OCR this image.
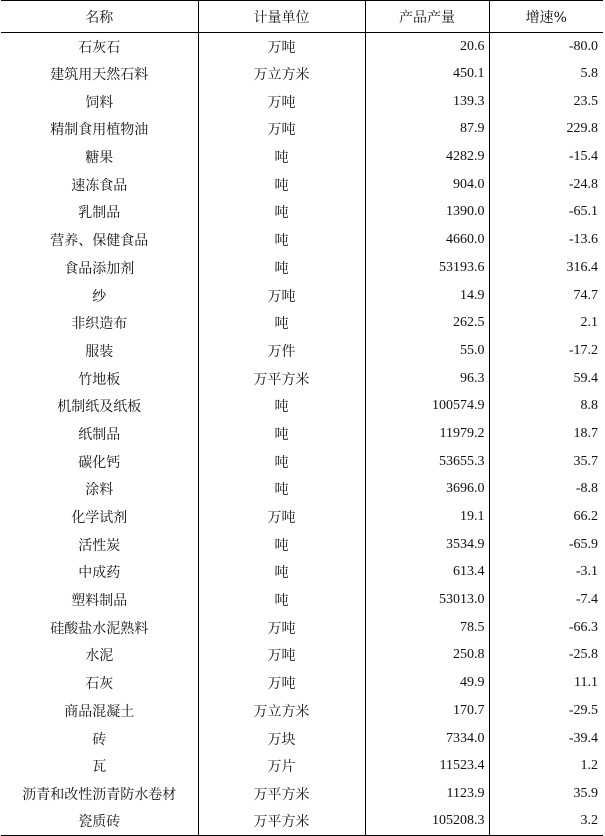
名称	计量单位	产品产量	增速%
石灰石	万吨	20.6	-80.0
建筑用天然石料	万立方米	450.1	5.8
饲料	万吨	139.3	23.5
精制食用植物油	万吨	87.9	229.8
糖果	吨	4282.9	-15.4
速冻食品	吨	904.0	-24.8
乳制品	吨	1390.0	-65.1
营养、保健食品	吨	4660.0	-13.6
食品添加剂	吨	53193.6	316.4
纱	万吨	14.9	74.7
非织造布	吨	262.5	2.1
服装	万件	55.0	-17.2
竹地板	万平方米	96.3	59.4
机制纸及纸板	吨	100574.9	8.8
纸制品	吨	11979.2	18.7
碳化钙	吨	53655.3	35.7
涂料	吨	3696.0	-8.8
化学试剂	万吨	19.1	66.2
活性炭	吨	3534.9	-65.9
中成药	吨	613.4	-3.1
塑料制品	吨	53013.0	-7.4
硅酸盐水泥熟料	万吨	78.5	-66.3
水泥	万吨	250.8	-25.8
石灰	万吨	49.9	11.1
商品混凝土	万立方米	170.7	-29.5
砖	万块	7334.0	-39.4
瓦	万片	11523.4	1.2
沥青和改性沥青防水卷材	万平方米	1123.9	35.9
瓷质砖	万平方米	105208.3	3.2
